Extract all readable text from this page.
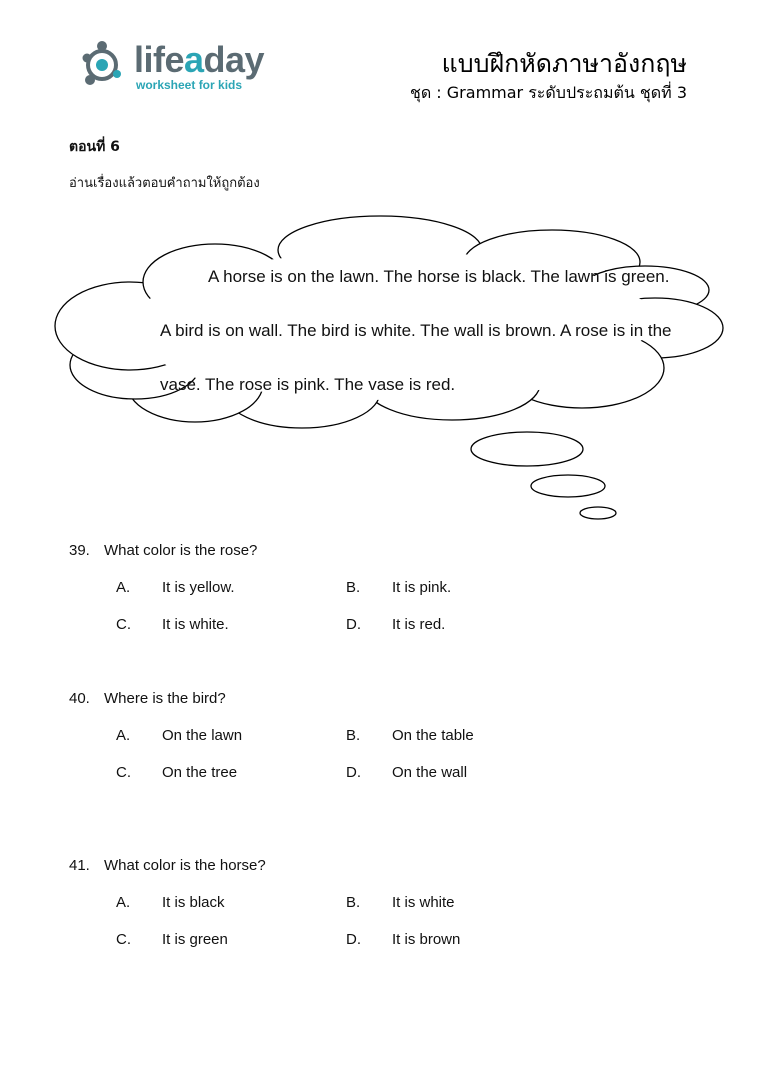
lifeaday
worksheet for kids
แบบฝึกหัดภาษาอังกฤษ
ชุด : Grammar ระดับประถมต้น ชุดที่ 3
ตอนที่ 6
อ่านเรื่องแล้วตอบคำถามให้ถูกต้อง
A horse is on the lawn. The horse is black. The lawn is green. A bird is on wall. The bird is white. The wall is brown. A rose is in the vase. The rose is pink. The vase is red.
39. What color is the rose?
A. It is yellow.	B. It is pink.
C. It is white.	D. It is red.
40. Where is the bird?
A. On the lawn	B. On the table
C. On the tree	D. On the wall
41. What color is the horse?
A. It is black	B. It is white
C. It is green	D. It is brown
